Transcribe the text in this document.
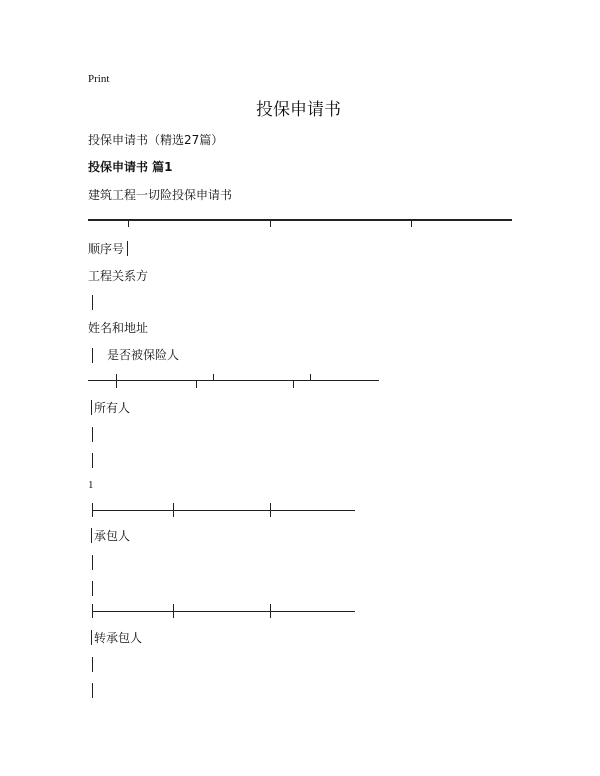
Print
投保申请书
投保申请书（精选27篇）
投保申请书 篇1
建筑工程一切险投保申请书
顺序号
工程关系方
姓名和地址
是否被保险人
所有人
1
承包人
转承包人
